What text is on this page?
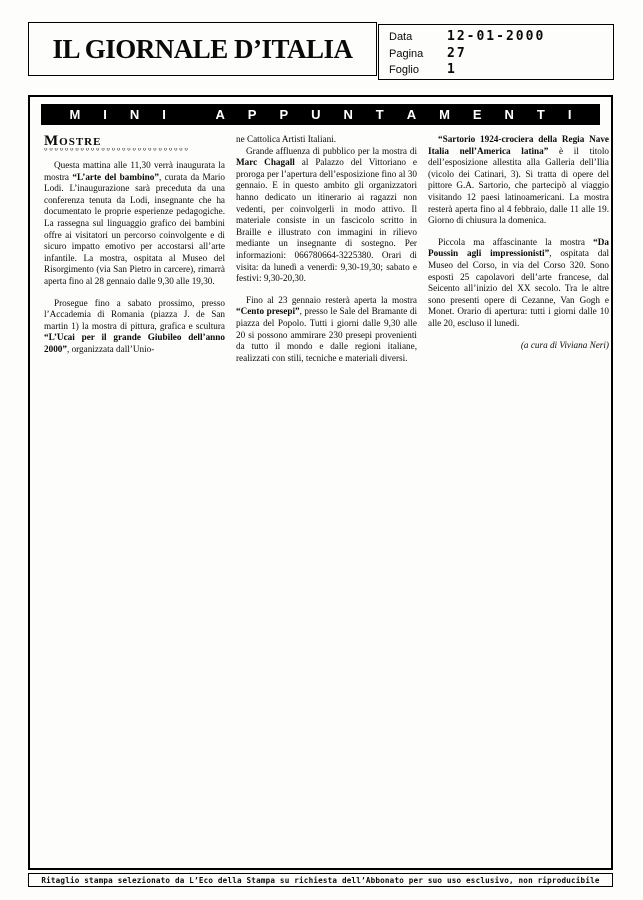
IL GIORNALE D’ITALIA	Data	12-01-2000
Pagina	27
Foglio	1
M	I	N	I
	A	P	P	U	N	T	A	M	E	N	T	I
Mostre
°°°°°°°°°°°°°°°°°°°°°°°°°°°°

Questa mattina alle 11,30 verrà inaugurata la mostra “L’arte del bambino”, curata da Mario Lodi. L’inaugurazione sarà preceduta da una conferenza tenuta da Lodi, insegnante che ha documentato le proprie esperienze pedagogiche. La rassegna sul linguaggio grafico dei bambini offre ai visitatori un percorso coinvolgente e di sicuro impatto emotivo per accostarsi all’arte infantile. La mostra, ospitata al Museo del Risorgimento (via San Pietro in carcere), rimarrà aperta fino al 28 gennaio dalle 9,30 alle 19,30.

Prosegue fino a sabato prossimo, presso l’Accademia di Romania (piazza J. de San martin 1) la mostra di pittura, grafica e scultura “L’Ucai per il grande Giubileo dell’anno 2000”, organizzata dall’Unio-

ne Cattolica Artisti Italiani.

Grande affluenza di pubblico per la mostra di Marc Chagall al Palazzo del Vittoriano e proroga per l’apertura dell’esposizione fino al 30 gennaio. E in questo ambito gli organizzatori hanno dedicato un itinerario ai ragazzi non vedenti, per coinvolgerli in modo attivo. Il materiale consiste in un fascicolo scritto in Braille e illustrato con immagini in rilievo mediante un insegnante di sostegno. Per informazioni: 066780664-3225380. Orari di visita: da lunedì a venerdì: 9,30-19,30; sabato e festivi: 9,30-20,30.

Fino al 23 gennaio resterà aperta la mostra “Cento presepi”, presso le Sale del Bramante di piazza del Popolo. Tutti i giorni dalle 9,30 alle 20 si possono ammirare 230 presepi provenienti da tutto il mondo e dalle regioni italiane, realizzati con stili, tecniche e materiali diversi.

“Sartorio 1924-crociera della Regia Nave Italia nell’America latina” è il titolo dell’esposizione allestita alla Galleria dell’Ilia (vicolo dei Catinari, 3). Si tratta di opere del pittore G.A. Sartorio, che partecipò al viaggio visitando 12 paesi latinoamericani. La mostra resterà aperta fino al 4 febbraio, dalle 11 alle 19. Giorno di chiusura la domenica.

Piccola ma affascinante la mostra “Da Poussin agli impressionisti”, ospitata dal Museo del Corso, in via del Corso 320. Sono esposti 25 capolavori dell’arte francese, dal Seicento all’inizio del XX secolo. Tra le altre sono presenti opere di Cezanne, Van Gogh e Monet. Orario di apertura: tutti i giorni dalle 10 alle 20, escluso il lunedì.

(a cura di Viviana Neri)

Ritaglio stampa selezionato da L’Eco della Stampa su richiesta dell’Abbonato per suo uso esclusivo, non riproducibile
